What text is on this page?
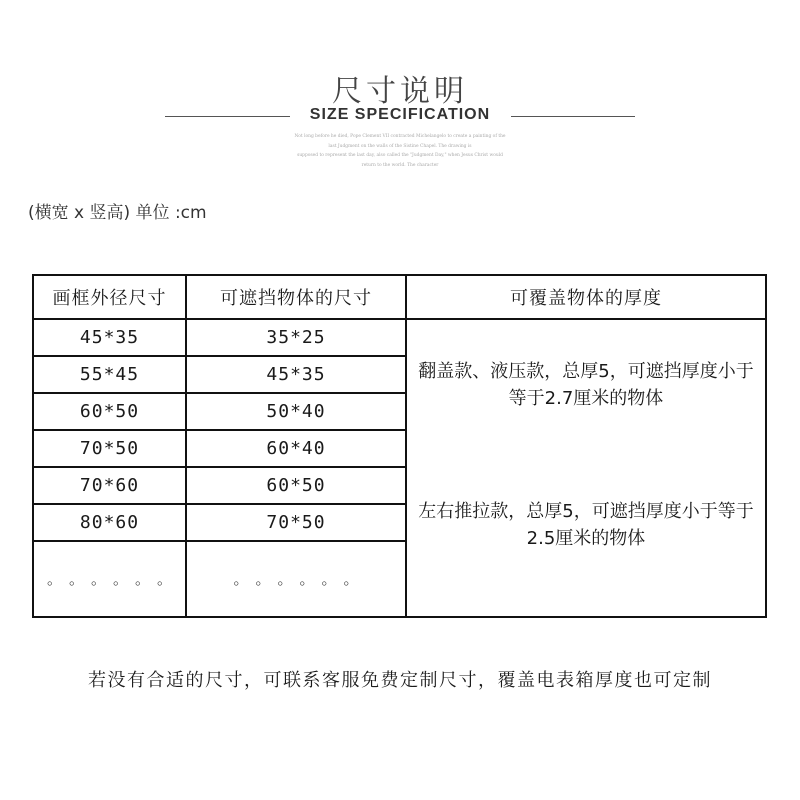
尺寸说明
SIZE SPECIFICATION
Not long before he died, Pope Clement VII contracted Michelangelo to create a painting of the
last Judgment on the walls of the Sistine Chapel. The drawing is
supposed to represent the last day, also called the "Judgment Day," when Jesus Christ would
return to the world. The character
(横宽 x 竖高) 单位 :cm
画框外径尺寸	可遮挡物体的尺寸	可覆盖物体的厚度
45*35	35*25	翻盖款、液压款，总厚5，可遮挡厚度小于等于2.7厘米的物体
左右推拉款，总厚5，可遮挡厚度小于等于2.5厘米的物体

55*45	45*35	
60*50	50*40	
70*50	60*40	
70*60	60*50	
80*60	70*50	
。 。 。 。 。 。	。 。 。 。 。 。	
若没有合适的尺寸，可联系客服免费定制尺寸，覆盖电表箱厚度也可定制
